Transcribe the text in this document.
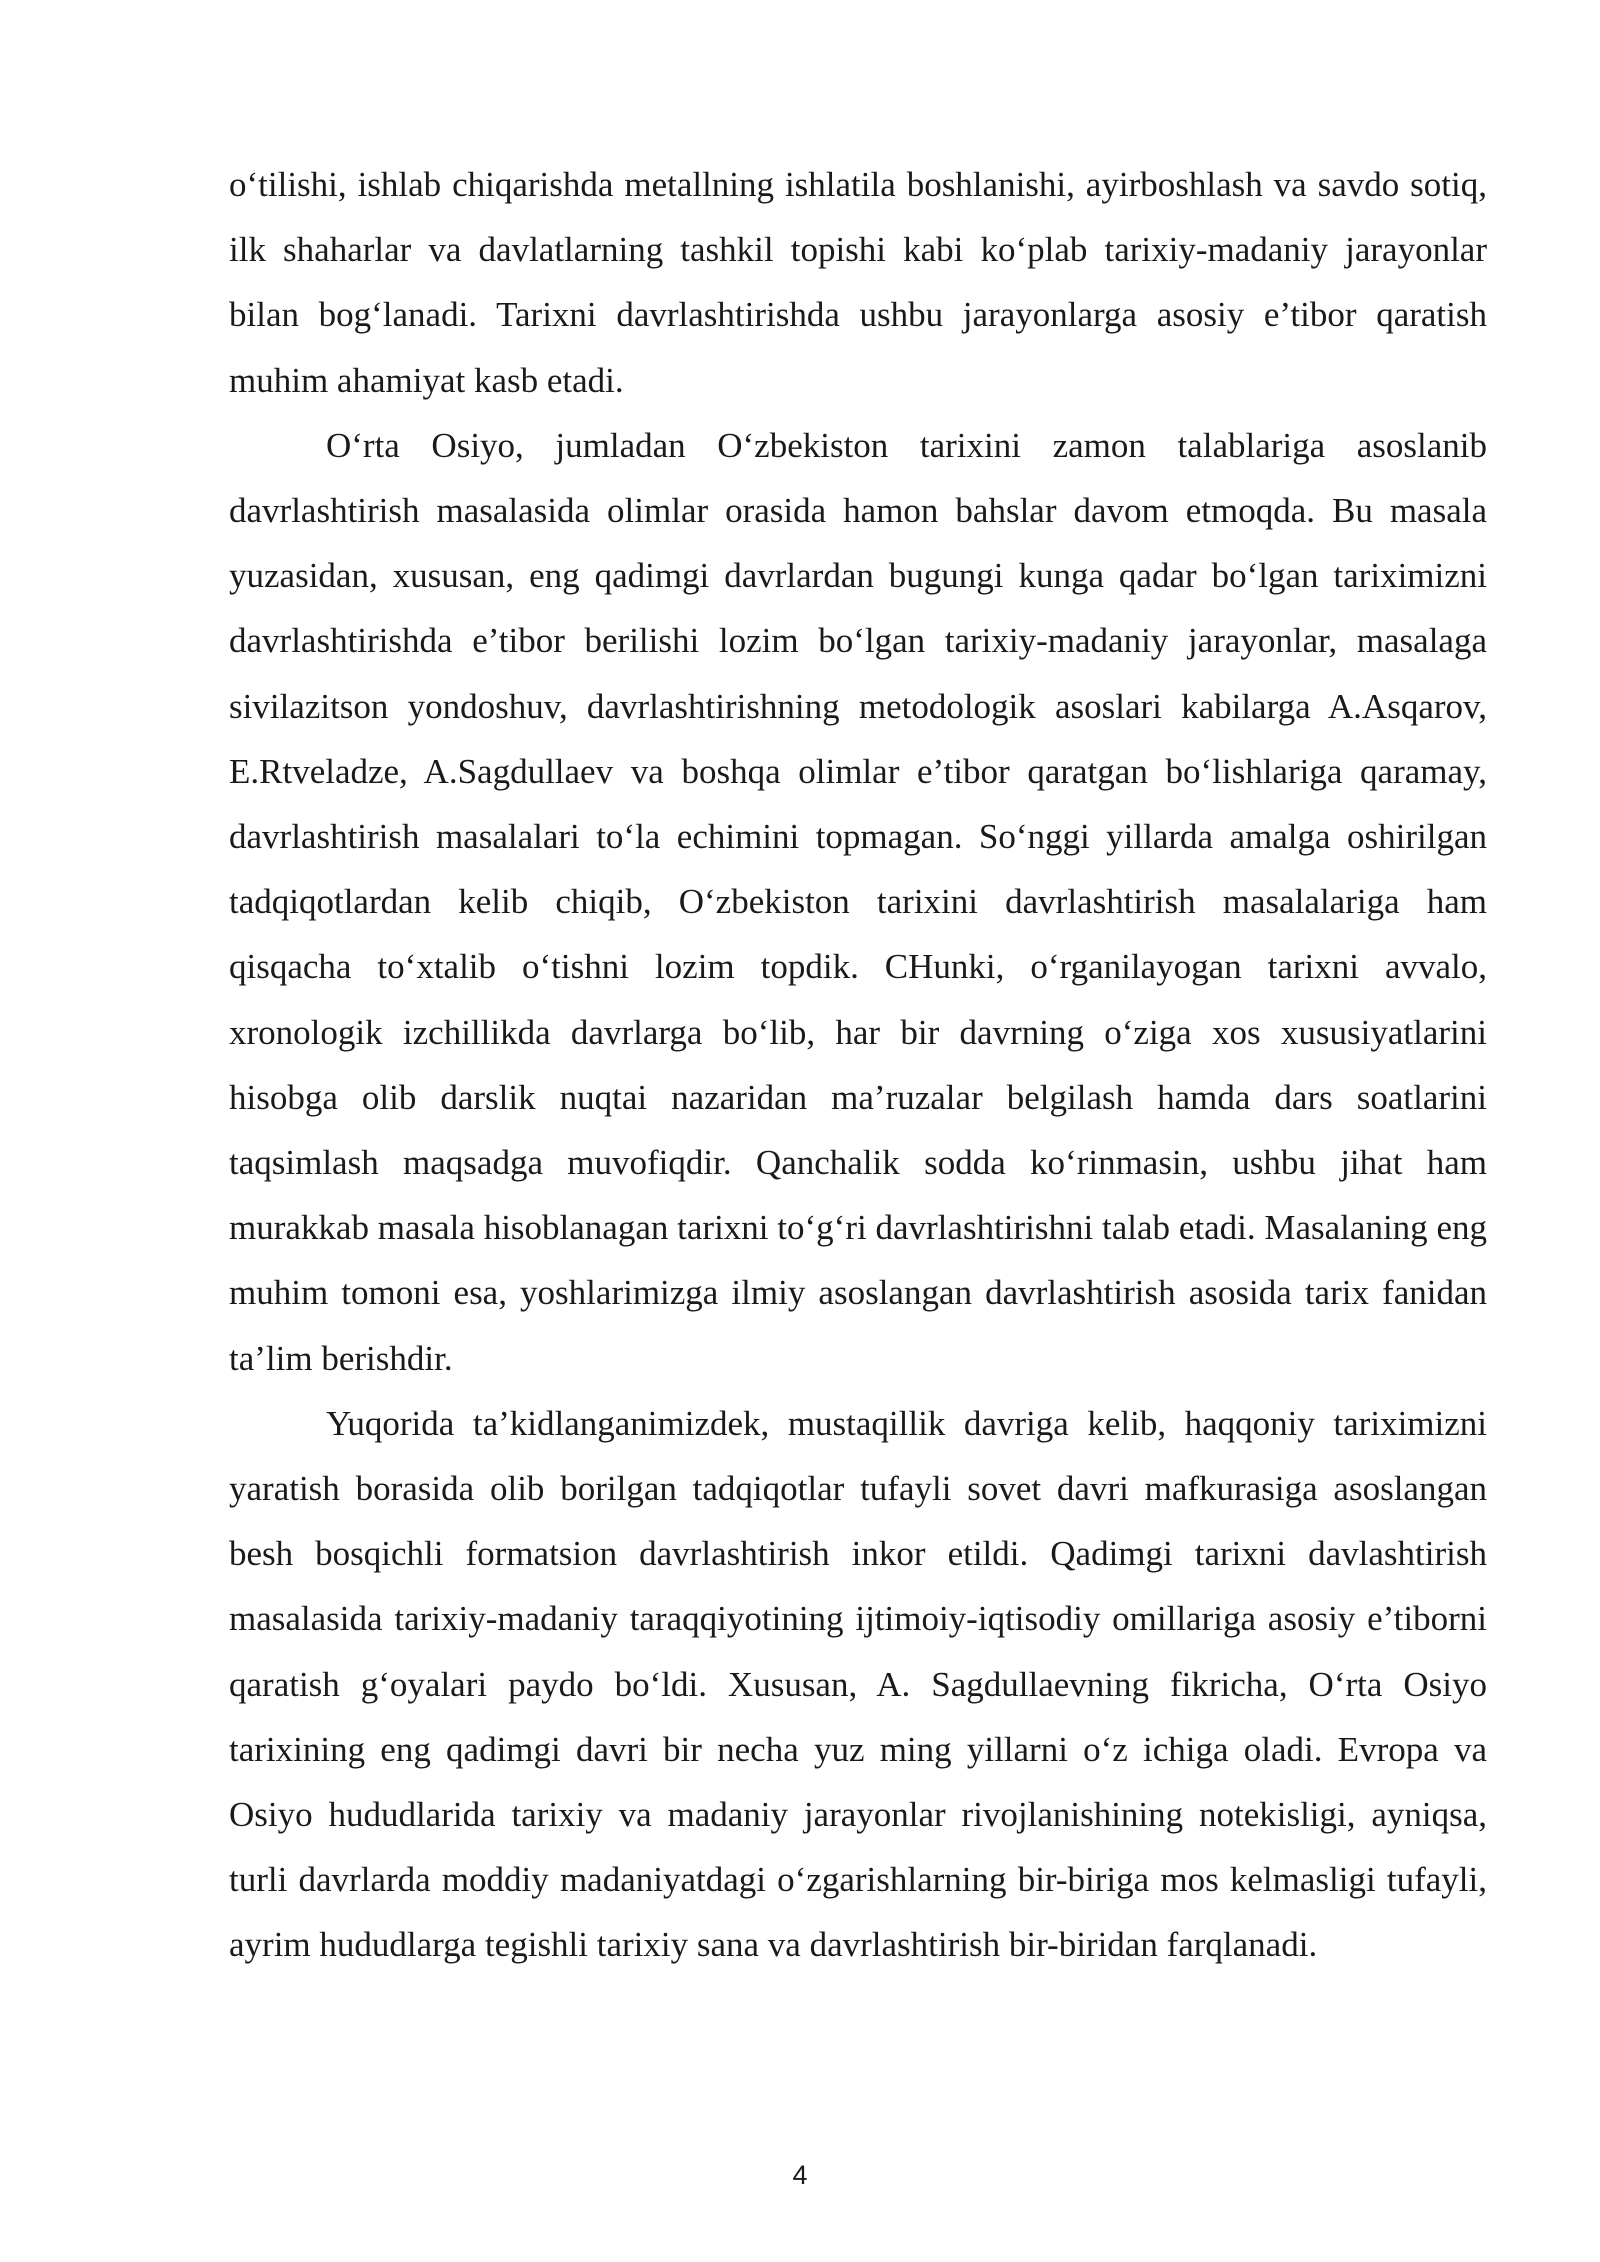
o‘tilishi, ishlab chiqarishda metallning ishlatila boshlanishi, ayirboshlash va savdo sotiq, ilk shaharlar va davlatlarning tashkil topishi kabi ko‘plab tarixiy-madaniy jarayonlar bilan bog‘lanadi. Tarixni davrlashtirishda ushbu jarayonlarga asosiy e’tibor qaratish muhim ahamiyat kasb etadi.

O‘rta Osiyo, jumladan O‘zbekiston tarixini zamon talablariga asoslanib davrlashtirish masalasida olimlar orasida hamon bahslar davom etmoqda. Bu masala yuzasidan, xususan, eng qadimgi davrlardan bugungi kunga qadar bo‘lgan tariximizni davrlashtirishda e’tibor berilishi lozim bo‘lgan tarixiy-madaniy jarayonlar, masalaga sivilazitson yondoshuv, davrlashtirishning metodologik asoslari kabilarga A.Asqarov, E.Rtveladze, A.Sagdullaev va boshqa olimlar e’tibor qaratgan bo‘lishlariga qaramay, davrlashtirish masalalari to‘la echimini topmagan. So‘nggi yillarda amalga oshirilgan tadqiqotlardan kelib chiqib, O‘zbekiston tarixini davrlashtirish masalalariga ham qisqacha to‘xtalib o‘tishni lozim topdik. CHunki, o‘rganilayogan tarixni avvalo, xronologik izchillikda davrlarga bo‘lib, har bir davrning o‘ziga xos xususiyatlarini hisobga olib darslik nuqtai nazaridan ma’ruzalar belgilash hamda dars soatlarini taqsimlash maqsadga muvofiqdir. Qanchalik sodda ko‘rinmasin, ushbu jihat ham murakkab masala hisoblanagan tarixni to‘g‘ri davrlashtirishni talab etadi. Masalaning eng muhim tomoni esa, yoshlarimizga ilmiy asoslangan davrlashtirish asosida tarix fanidan ta’lim berishdir.

Yuqorida ta’kidlanganimizdek, mustaqillik davriga kelib, haqqoniy tariximizni yaratish borasida olib borilgan tadqiqotlar tufayli sovet davri mafkurasiga asoslangan besh bosqichli formatsion davrlashtirish inkor etildi. Qadimgi tarixni davlashtirish masalasida tarixiy-madaniy taraqqiyotining ijtimoiy-iqtisodiy omillariga asosiy e’tiborni qaratish g‘oyalari paydo bo‘ldi. Xususan, A. Sagdullaevning fikricha, O‘rta Osiyo tarixining eng qadimgi davri bir necha yuz ming yillarni o‘z ichiga oladi. Evropa va Osiyo hududlarida tarixiy va madaniy jarayonlar rivojlanishining notekisligi, ayniqsa, turli davrlarda moddiy madaniyatdagi o‘zgarishlarning bir-biriga mos kelmasligi tufayli, ayrim hududlarga tegishli tarixiy sana va davrlashtirish bir-biridan farqlanadi.

4
